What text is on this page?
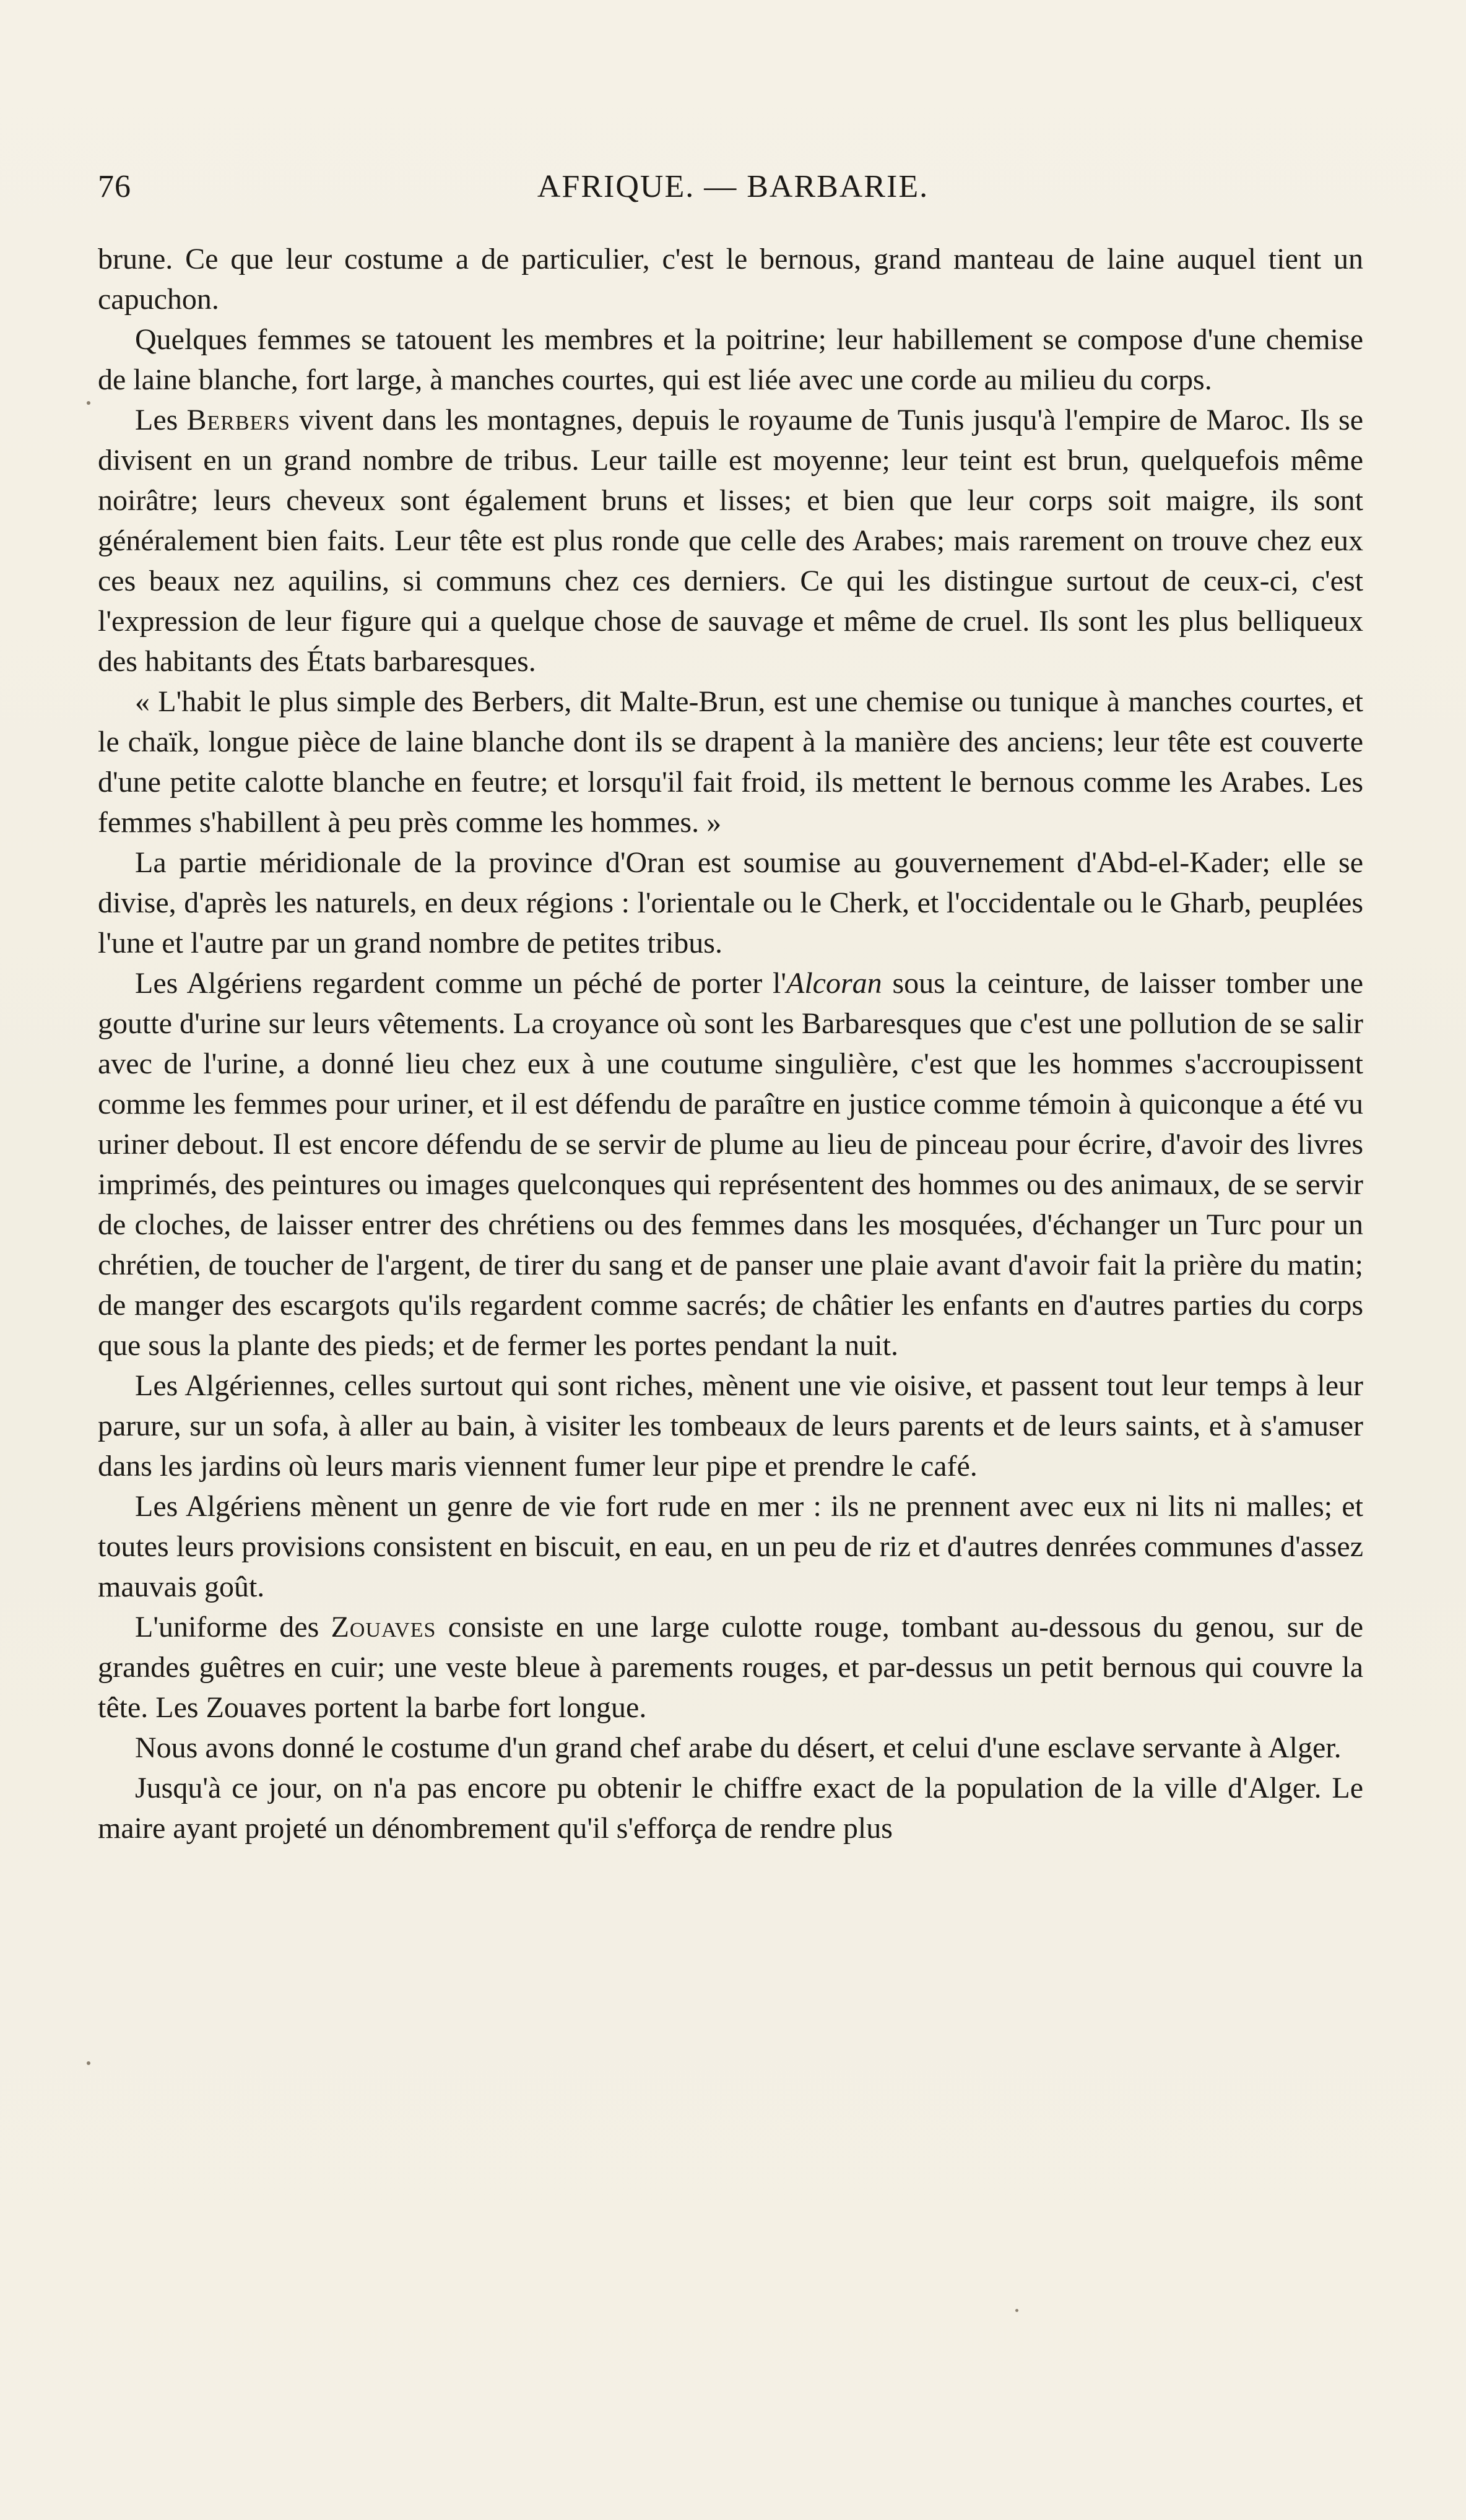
76	AFRIQUE. — BARBARIE.

brune. Ce que leur costume a de particulier, c'est le bernous, grand manteau de laine auquel tient un capuchon.

Quelques femmes se tatouent les membres et la poitrine; leur habillement se compose d'une chemise de laine blanche, fort large, à manches courtes, qui est liée avec une corde au milieu du corps.

Les Berbers vivent dans les montagnes, depuis le royaume de Tunis jusqu'à l'empire de Maroc. Ils se divisent en un grand nombre de tribus. Leur taille est moyenne; leur teint est brun, quelquefois même noirâtre; leurs cheveux sont également bruns et lisses; et bien que leur corps soit maigre, ils sont généralement bien faits. Leur tête est plus ronde que celle des Arabes; mais rarement on trouve chez eux ces beaux nez aquilins, si communs chez ces derniers. Ce qui les distingue surtout de ceux-ci, c'est l'expression de leur figure qui a quelque chose de sauvage et même de cruel. Ils sont les plus belliqueux des habitants des États barbaresques.

« L'habit le plus simple des Berbers, dit Malte-Brun, est une chemise ou tunique à manches courtes, et le chaïk, longue pièce de laine blanche dont ils se drapent à la manière des anciens; leur tête est couverte d'une petite calotte blanche en feutre; et lorsqu'il fait froid, ils mettent le bernous comme les Arabes. Les femmes s'habillent à peu près comme les hommes. »

La partie méridionale de la province d'Oran est soumise au gouvernement d'Abd-el-Kader; elle se divise, d'après les naturels, en deux régions : l'orientale ou le Cherk, et l'occidentale ou le Gharb, peuplées l'une et l'autre par un grand nombre de petites tribus.

Les Algériens regardent comme un péché de porter l'Alcoran sous la ceinture, de laisser tomber une goutte d'urine sur leurs vêtements. La croyance où sont les Barbaresques que c'est une pollution de se salir avec de l'urine, a donné lieu chez eux à une coutume singulière, c'est que les hommes s'accroupissent comme les femmes pour uriner, et il est défendu de paraître en justice comme témoin à quiconque a été vu uriner debout. Il est encore défendu de se servir de plume au lieu de pinceau pour écrire, d'avoir des livres imprimés, des peintures ou images quelconques qui représentent des hommes ou des animaux, de se servir de cloches, de laisser entrer des chrétiens ou des femmes dans les mosquées, d'échanger un Turc pour un chrétien, de toucher de l'argent, de tirer du sang et de panser une plaie avant d'avoir fait la prière du matin; de manger des escargots qu'ils regardent comme sacrés; de châtier les enfants en d'autres parties du corps que sous la plante des pieds; et de fermer les portes pendant la nuit.

Les Algériennes, celles surtout qui sont riches, mènent une vie oisive, et passent tout leur temps à leur parure, sur un sofa, à aller au bain, à visiter les tombeaux de leurs parents et de leurs saints, et à s'amuser dans les jardins où leurs maris viennent fumer leur pipe et prendre le café.

Les Algériens mènent un genre de vie fort rude en mer : ils ne prennent avec eux ni lits ni malles; et toutes leurs provisions consistent en biscuit, en eau, en un peu de riz et d'autres denrées communes d'assez mauvais goût.

L'uniforme des Zouaves consiste en une large culotte rouge, tombant au-dessous du genou, sur de grandes guêtres en cuir; une veste bleue à parements rouges, et par-dessus un petit bernous qui couvre la tête. Les Zouaves portent la barbe fort longue.

Nous avons donné le costume d'un grand chef arabe du désert, et celui d'une esclave servante à Alger.

Jusqu'à ce jour, on n'a pas encore pu obtenir le chiffre exact de la population de la ville d'Alger. Le maire ayant projeté un dénombrement qu'il s'efforça de rendre plus
